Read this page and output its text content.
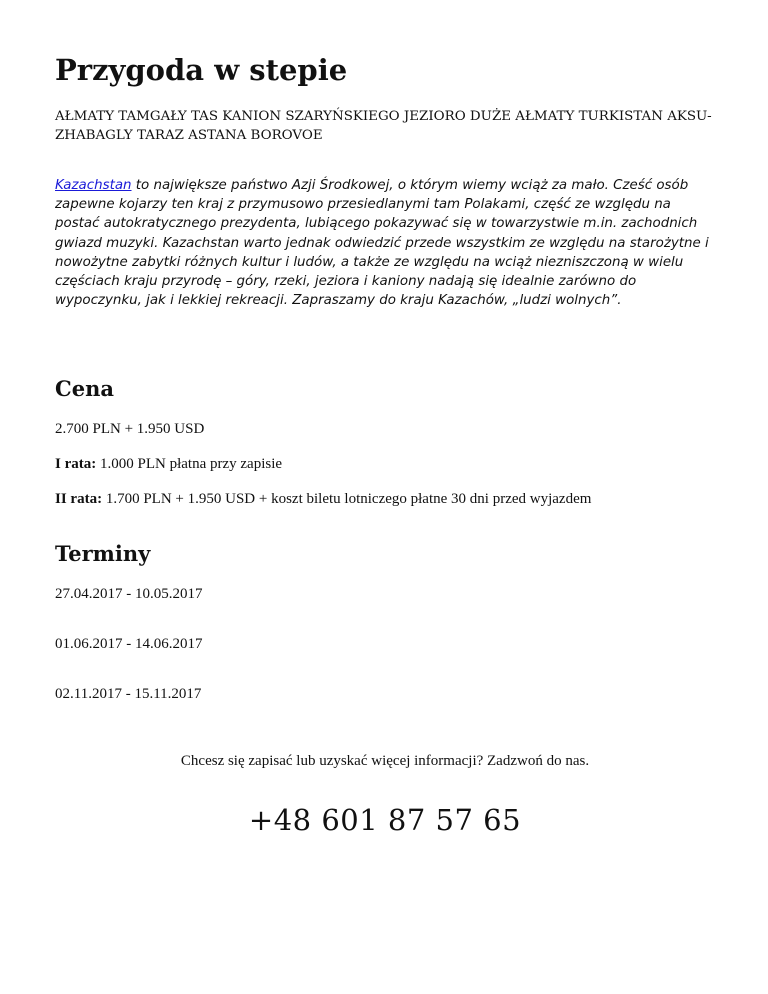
Przygoda w stepie

AŁMATY TAMGAŁY TAS KANION SZARYŃSKIEGO JEZIORO DUŻE AŁMATY TURKISTAN AKSU-ZHABAGLY TARAZ ASTANA BOROVOE

Kazachstan to największe państwo Azji Środkowej, o którym wiemy wciąż za mało. Cześć osób zapewne kojarzy ten kraj z przymusowo przesiedlanymi tam Polakami, część ze względu na postać autokratycznego prezydenta, lubiącego pokazywać się w towarzystwie m.in. zachodnich gwiazd muzyki. Kazachstan warto jednak odwiedzić przede wszystkim ze względu na starożytne i nowożytne zabytki różnych kultur i ludów, a także ze względu na wciąż niezniszczoną w wielu częściach kraju przyrodę – góry, rzeki, jeziora i kaniony nadają się idealnie zarówno do wypoczynku, jak i lekkiej rekreacji. Zapraszamy do kraju Kazachów, „ludzi wolnych”.

Cena

2.700 PLN + 1.950 USD

I rata: 1.000 PLN płatna przy zapisie

II rata: 1.700 PLN + 1.950 USD + koszt biletu lotniczego płatne 30 dni przed wyjazdem

Terminy

27.04.2017 - 10.05.2017

01.06.2017 - 14.06.2017

02.11.2017 - 15.11.2017

Chcesz się zapisać lub uzyskać więcej informacji? Zadzwoń do nas.

+48 601 87 57 65
